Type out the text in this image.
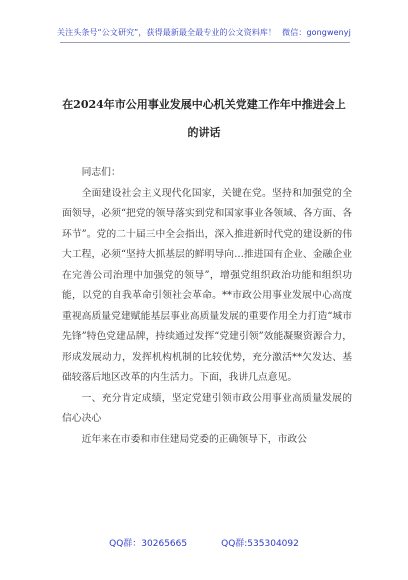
关注头条号“公文研究”，获得最新最全最专业的公文资料库！ 微信：gongwenyj
在2024年市公用事业发展中心机关党建工作年中推进会上
的讲话

同志们：

全面建设社会主义现代化国家，关键在党。坚持和加强党的全面领导，必须“把党的领导落实到党和国家事业各领域、各方面、各环节”。党的二十届三中全会指出，深入推进新时代党的建设新的伟大工程，必须“坚持大抓基层的鲜明导向…推进国有企业、金融企业在完善公司治理中加强党的领导”，增强党组织政治功能和组织功能，以党的自我革命引领社会革命。**市政公用事业发展中心高度重视高质量党建赋能基层事业高质量发展的重要作用全力打造“城市先锋”特色党建品牌，持续通过发挥“党建引领”效能凝聚资源合力，形成发展动力，发挥机构机制的比较优势，充分激活**欠发达、基础较落后地区改革的内生活力。下面，我讲几点意见。

一、充分肯定成绩，坚定党建引领市政公用事业高质量发展的信心决心

近年来在市委和市住建局党委的正确领导下，市政公

QQ群：30265665	QQ群:535304092
